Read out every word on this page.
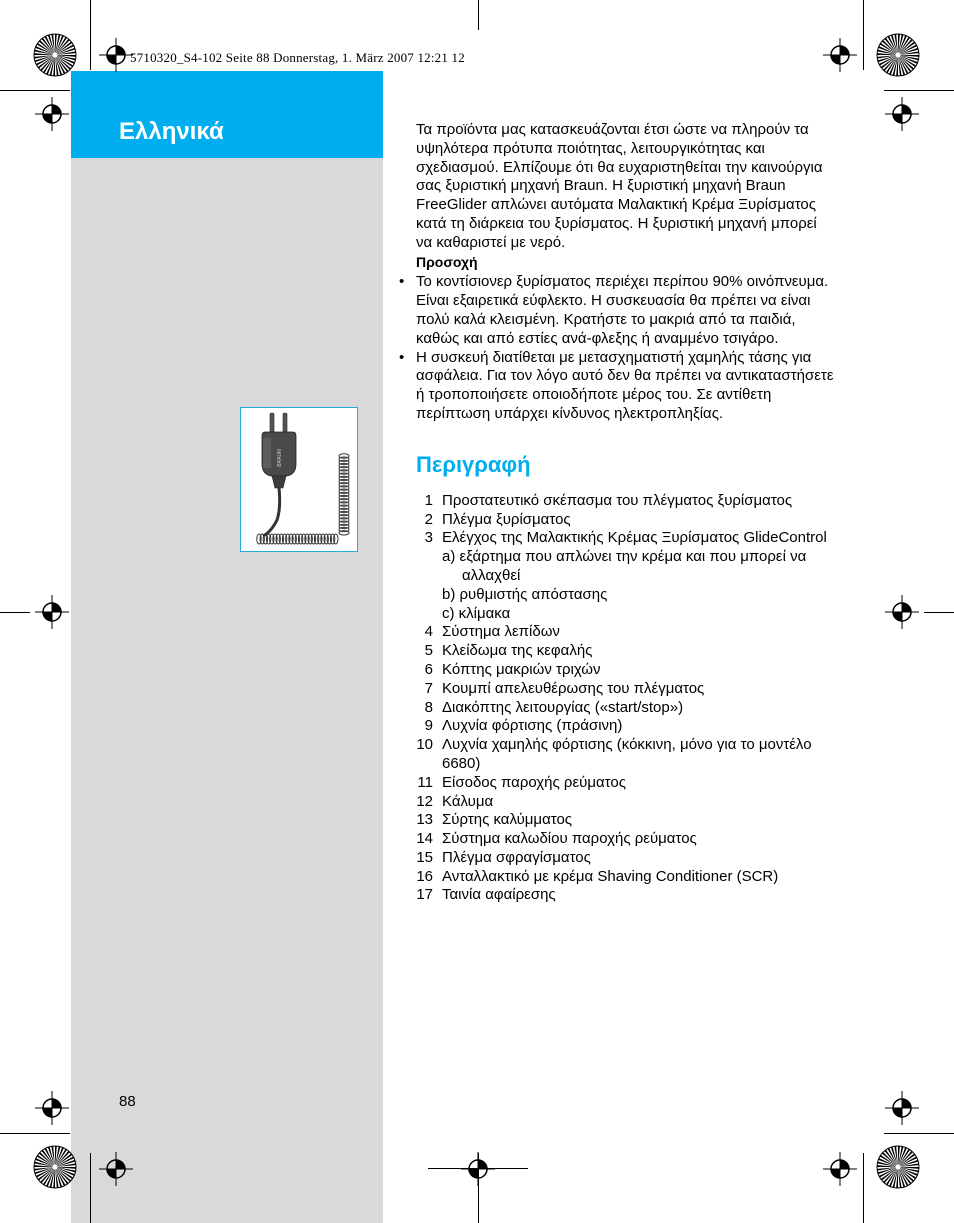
Ελληνικά
5710320_S4-102 Seite 88 Donnerstag, 1. März 2007 12:21 12
BRAUN

Τα προϊόντα μας κατασκευάζονται έτσι ώστε να πληρούν τα υψηλότερα πρότυπα ποιότητας, λειτουργικότητας και σχεδιασμού. Ελπίζουμε ότι θα ευχαριστηθείται την καινούργια σας ξυριστική μηχανή Braun. Η ξυριστική μηχανή Braun FreeGlider απλώνει αυτόματα Μαλακτική Κρέμα Ξυρίσματος κατά τη διάρκεια του ξυρίσματος. Η ξυριστική μηχανή μπορεί να καθαριστεί με νερό.

Προσοχή

• Το κοντίσιονερ ξυρίσματος περιέχει περίπου 90% οινόπνευμα. Είναι εξαιρετικά εύφλεκτο. Η συσκευασία θα πρέπει να είναι πολύ καλά κλεισμένη. Κρατήστε το μακριά από τα παιδιά, καθώς και από εστίες ανά-φλεξης ή αναμμένο τσιγάρο.
• Η συσκευή διατίθεται με μετασχηματιστή χαμηλής τάσης για ασφάλεια. Για τον λόγο αυτό δεν θα πρέπει να αντικαταστήσετε ή τροποποιήσετε οποιοδήποτε μέρος του. Σε αντίθετη περίπτωση υπάρχει κίνδυνος ηλεκτροπληξίας.
Περιγραφή
1 Προστατευτικό σκέπασμα του πλέγματος ξυρίσματος
2 Πλέγμα ξυρίσματος
3 Ελέγχος της Μαλακτικής Κρέμας Ξυρίσματος GlideControl
a) εξάρτημα που απλώνει την κρέμα και που μπορεί να αλλαχθεί
b) ρυθμιστής απόστασης
c) κλίμακα
4 Σύστημα λεπίδων
5 Κλείδωμα της κεφαλής
6 Κόπτης μακριών τριχών
7 Κουμπί απελευθέρωσης του πλέγματος
8 Διακόπτης λειτουργίας («start/stop»)
9 Λυχνία φόρτισης (πράσινη)
10 Λυχνία χαμηλής φόρτισης (κόκκινη, μόνο για το μοντέλο 6680)
11 Είσοδος παροχής ρεύματος
12 Κάλυμα
13 Σύρτης καλύμματος
14 Σύστημα καλωδίου παροχής ρεύματος
15 Πλέγμα σφραγίσματος
16 Ανταλλακτικό με κρέμα Shaving Conditioner (SCR)
17 Ταινία αφαίρεσης
88
